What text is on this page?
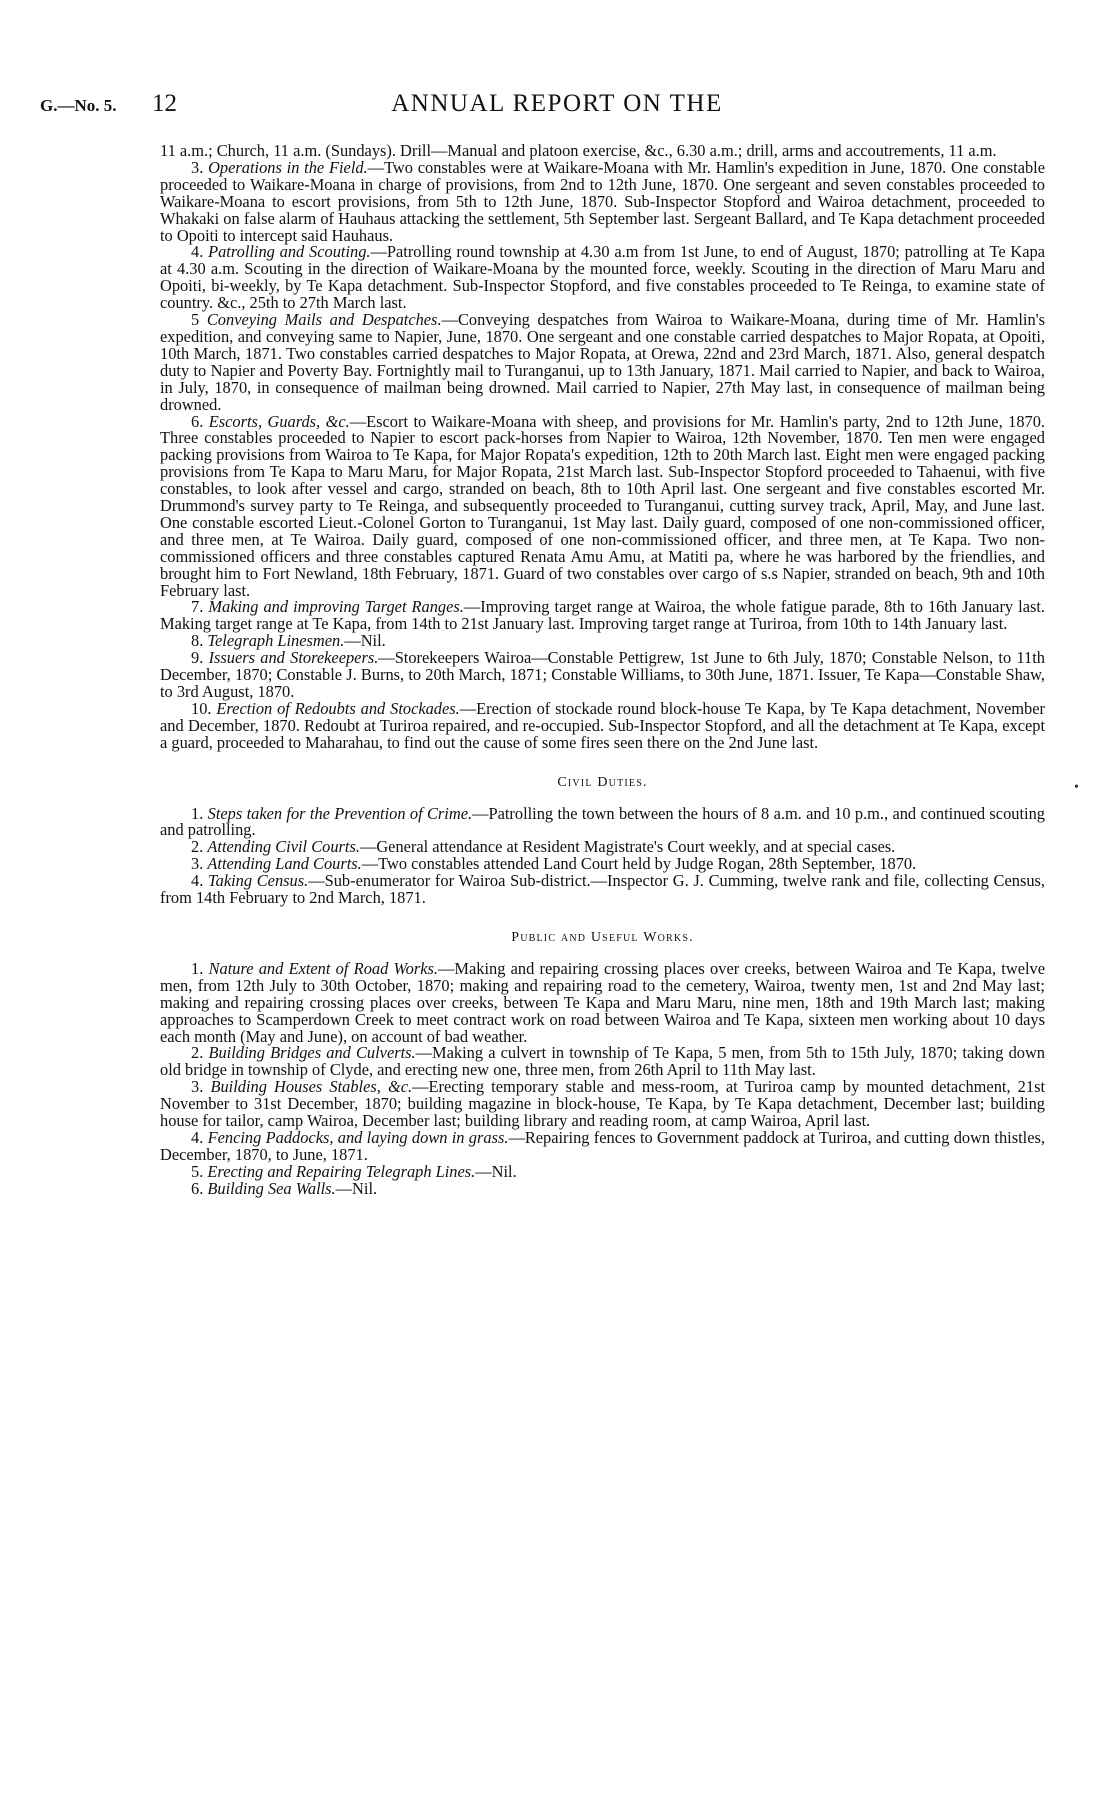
G.—No. 5. 12	ANNUAL REPORT ON THE

11 a.m.; Church, 11 a.m. (Sundays). Drill—Manual and platoon exercise, &c., 6.30 a.m.; drill, arms and accoutrements, 11 a.m.

3. Operations in the Field.—Two constables were at Waikare-Moana with Mr. Hamlin's expedition in June, 1870. One constable proceeded to Waikare-Moana in charge of provisions, from 2nd to 12th June, 1870. One sergeant and seven constables proceeded to Waikare-Moana to escort provisions, from 5th to 12th June, 1870. Sub-Inspector Stopford and Wairoa detachment, proceeded to Whakaki on false alarm of Hauhaus attacking the settlement, 5th September last. Sergeant Ballard, and Te Kapa detachment proceeded to Opoiti to intercept said Hauhaus.

4. Patrolling and Scouting.—Patrolling round township at 4.30 a.m from 1st June, to end of August, 1870; patrolling at Te Kapa at 4.30 a.m. Scouting in the direction of Waikare-Moana by the mounted force, weekly. Scouting in the direction of Maru Maru and Opoiti, bi-weekly, by Te Kapa detachment. Sub-Inspector Stopford, and five constables proceeded to Te Reinga, to examine state of country. &c., 25th to 27th March last.

5 Conveying Mails and Despatches.—Conveying despatches from Wairoa to Waikare-Moana, during time of Mr. Hamlin's expedition, and conveying same to Napier, June, 1870. One sergeant and one constable carried despatches to Major Ropata, at Opoiti, 10th March, 1871. Two constables carried despatches to Major Ropata, at Orewa, 22nd and 23rd March, 1871. Also, general despatch duty to Napier and Poverty Bay. Fortnightly mail to Turanganui, up to 13th January, 1871. Mail carried to Napier, and back to Wairoa, in July, 1870, in consequence of mailman being drowned. Mail carried to Napier, 27th May last, in consequence of mailman being drowned.

6. Escorts, Guards, &c.—Escort to Waikare-Moana with sheep, and provisions for Mr. Hamlin's party, 2nd to 12th June, 1870. Three constables proceeded to Napier to escort pack-horses from Napier to Wairoa, 12th November, 1870. Ten men were engaged packing provisions from Wairoa to Te Kapa, for Major Ropata's expedition, 12th to 20th March last. Eight men were engaged packing provisions from Te Kapa to Maru Maru, for Major Ropata, 21st March last. Sub-Inspector Stopford proceeded to Tahaenui, with five constables, to look after vessel and cargo, stranded on beach, 8th to 10th April last. One sergeant and five constables escorted Mr. Drummond's survey party to Te Reinga, and subsequently proceeded to Turanganui, cutting survey track, April, May, and June last. One constable escorted Lieut.-Colonel Gorton to Turanganui, 1st May last. Daily guard, composed of one non-commissioned officer, and three men, at Te Wairoa. Daily guard, composed of one non-commissioned officer, and three men, at Te Kapa. Two non-commissioned officers and three constables captured Renata Amu Amu, at Matiti pa, where he was harbored by the friendlies, and brought him to Fort Newland, 18th February, 1871. Guard of two constables over cargo of s.s Napier, stranded on beach, 9th and 10th February last.

7. Making and improving Target Ranges.—Improving target range at Wairoa, the whole fatigue parade, 8th to 16th January last. Making target range at Te Kapa, from 14th to 21st January last. Improving target range at Turiroa, from 10th to 14th January last.

8. Telegraph Linesmen.—Nil.

9. Issuers and Storekeepers.—Storekeepers Wairoa—Constable Pettigrew, 1st June to 6th July, 1870; Constable Nelson, to 11th December, 1870; Constable J. Burns, to 20th March, 1871; Constable Williams, to 30th June, 1871. Issuer, Te Kapa—Constable Shaw, to 3rd August, 1870.

10. Erection of Redoubts and Stockades.—Erection of stockade round block-house Te Kapa, by Te Kapa detachment, November and December, 1870. Redoubt at Turiroa repaired, and re-occupied. Sub-Inspector Stopford, and all the detachment at Te Kapa, except a guard, proceeded to Maharahau, to find out the cause of some fires seen there on the 2nd June last.

Civil Duties.

1. Steps taken for the Prevention of Crime.—Patrolling the town between the hours of 8 a.m. and 10 p.m., and continued scouting and patrolling.

2. Attending Civil Courts.—General attendance at Resident Magistrate's Court weekly, and at special cases.

3. Attending Land Courts.—Two constables attended Land Court held by Judge Rogan, 28th September, 1870.

4. Taking Census.—Sub-enumerator for Wairoa Sub-district.—Inspector G. J. Cumming, twelve rank and file, collecting Census, from 14th February to 2nd March, 1871.

Public and Useful Works.

1. Nature and Extent of Road Works.—Making and repairing crossing places over creeks, between Wairoa and Te Kapa, twelve men, from 12th July to 30th October, 1870; making and repairing road to the cemetery, Wairoa, twenty men, 1st and 2nd May last; making and repairing crossing places over creeks, between Te Kapa and Maru Maru, nine men, 18th and 19th March last; making approaches to Scamperdown Creek to meet contract work on road between Wairoa and Te Kapa, sixteen men working about 10 days each month (May and June), on account of bad weather.

2. Building Bridges and Culverts.—Making a culvert in township of Te Kapa, 5 men, from 5th to 15th July, 1870; taking down old bridge in township of Clyde, and erecting new one, three men, from 26th April to 11th May last.

3. Building Houses Stables, &c.—Erecting temporary stable and mess-room, at Turiroa camp by mounted detachment, 21st November to 31st December, 1870; building magazine in block-house, Te Kapa, by Te Kapa detachment, December last; building house for tailor, camp Wairoa, December last; building library and reading room, at camp Wairoa, April last.

4. Fencing Paddocks, and laying down in grass.—Repairing fences to Government paddock at Turiroa, and cutting down thistles, December, 1870, to June, 1871.

5. Erecting and Repairing Telegraph Lines.—Nil.

6. Building Sea Walls.—Nil.

•
